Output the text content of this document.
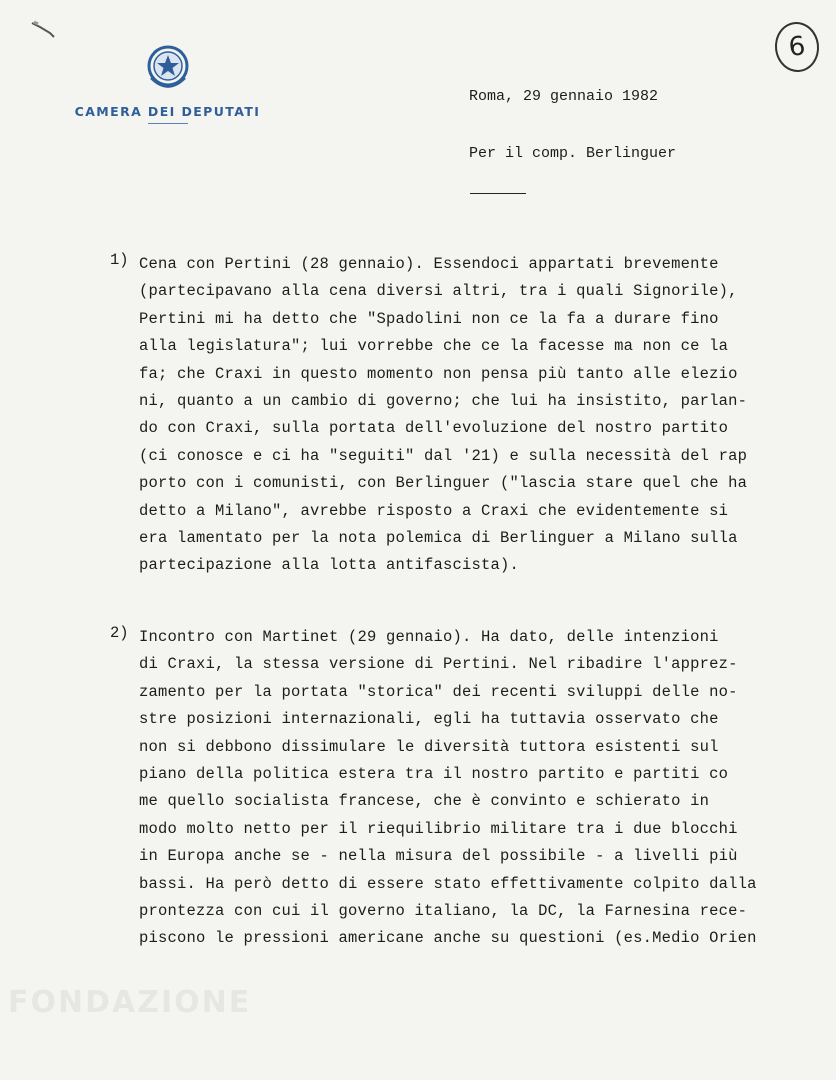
6
CAMERA DEI DEPUTATI
Roma, 29 gennaio 1982
Per il comp. Berlinguer
1) Cena con Pertini (28 gennaio). Essendoci appartati brevemente
(partecipavano alla cena diversi altri, tra i quali Signorile),
Pertini mi ha detto che "Spadolini non ce la fa a durare fino
alla legislatura"; lui vorrebbe che ce la facesse ma non ce la
fa; che Craxi in questo momento non pensa più tanto alle elezio
ni, quanto a un cambio di governo; che lui ha insistito, parlan-
do con Craxi, sulla portata dell'evoluzione del nostro partito
(ci conosce e ci ha "seguiti" dal '21) e sulla necessità del rap
porto con i comunisti, con Berlinguer ("lascia stare quel che ha
detto a Milano", avrebbe risposto a Craxi che evidentemente si
era lamentato per la nota polemica di Berlinguer a Milano sulla
partecipazione alla lotta antifascista).
2) Incontro con Martinet (29 gennaio). Ha dato, delle intenzioni
di Craxi, la stessa versione di Pertini. Nel ribadire l'apprez-
zamento per la portata "storica" dei recenti sviluppi delle no-
stre posizioni internazionali, egli ha tuttavia osservato che
non si debbono dissimulare le diversità tuttora esistenti sul
piano della politica estera tra il nostro partito e partiti co
me quello socialista francese, che è convinto e schierato in
modo molto netto per il riequilibrio militare tra i due blocchi
in Europa anche se - nella misura del possibile - a livelli più
bassi. Ha però detto di essere stato effettivamente colpito dalla
prontezza con cui il governo italiano, la DC, la Farnesina rece-
piscono le pressioni americane anche su questioni (es.Medio Orien
FONDAZIONE
